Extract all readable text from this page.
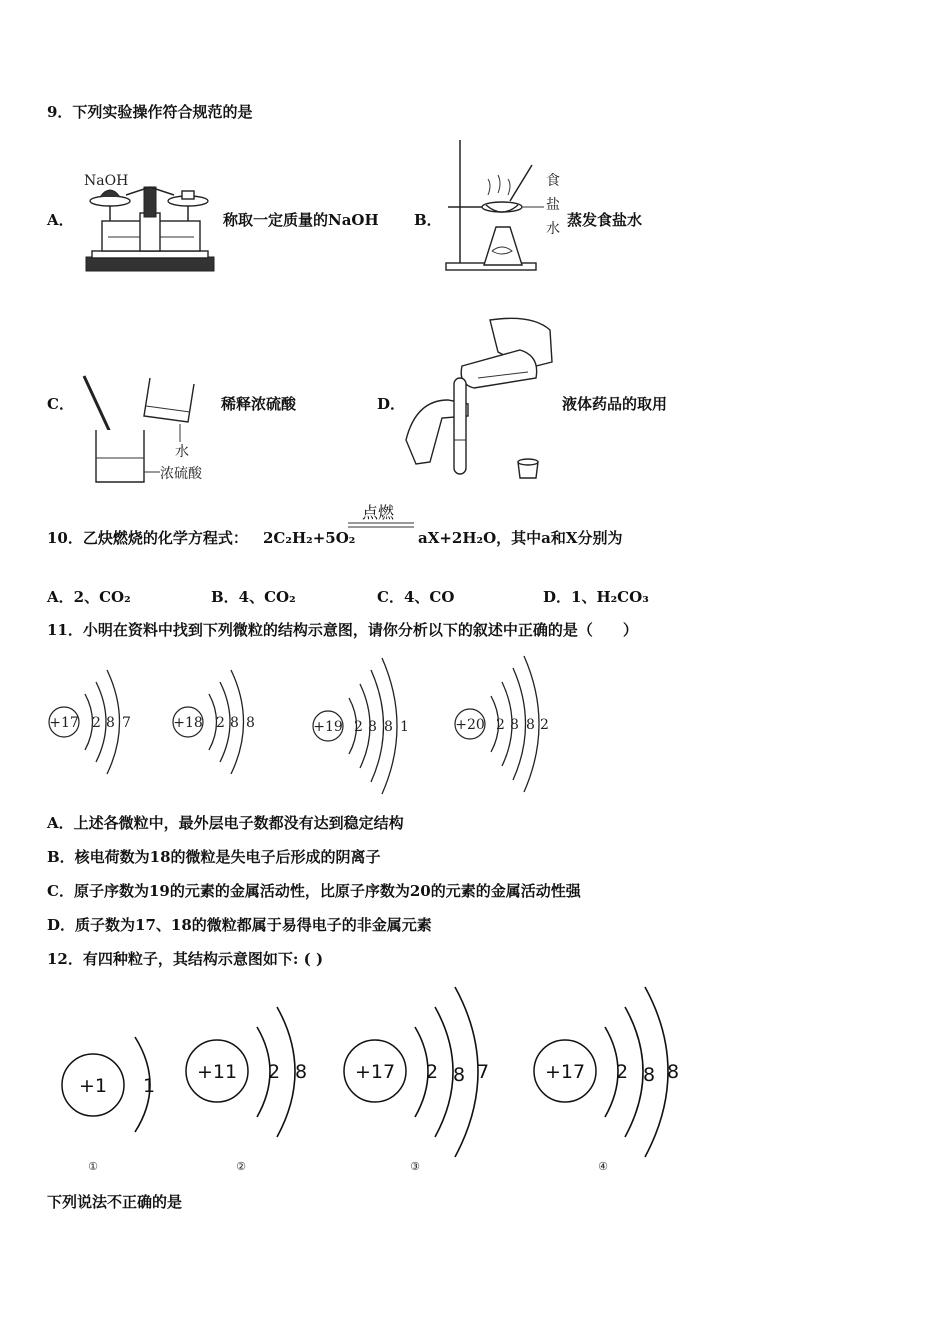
9．下列实验操作符合规范的是
A．
NaOH
称取一定质量的NaOH B．
食
盐
水 蒸发食盐水
C．
水
浓硫酸
稀释浓硫酸	D．	液体药品的取用
10．乙炔燃烧的化学方程式： 2C₂H₂+5O₂
点燃
aX+2H₂O，其中a和X分别为
A．2、CO₂	B．4、CO₂	C．4、CO	D．1、H₂CO₃
11．小明在资料中找到下列微粒的结构示意图，请你分析以下的叙述中正确的是（　　）
+17 2 8 7	+18 2 8 8	+19 2 8 8 1	+20 2 8 8 2
A．上述各微粒中，最外层电子数都没有达到稳定结构
B．核电荷数为18的微粒是失电子后形成的阴离子
C．原子序数为19的元素的金属活动性，比原子序数为20的元素的金属活动性强
D．质子数为17、18的微粒都属于易得电子的非金属元素
12．有四种粒子，其结构示意图如下: ( )
+1 1
①
+11 2 8
②
+17 2 8 7
③
+17 2 8 8
④
下列说法不正确的是
